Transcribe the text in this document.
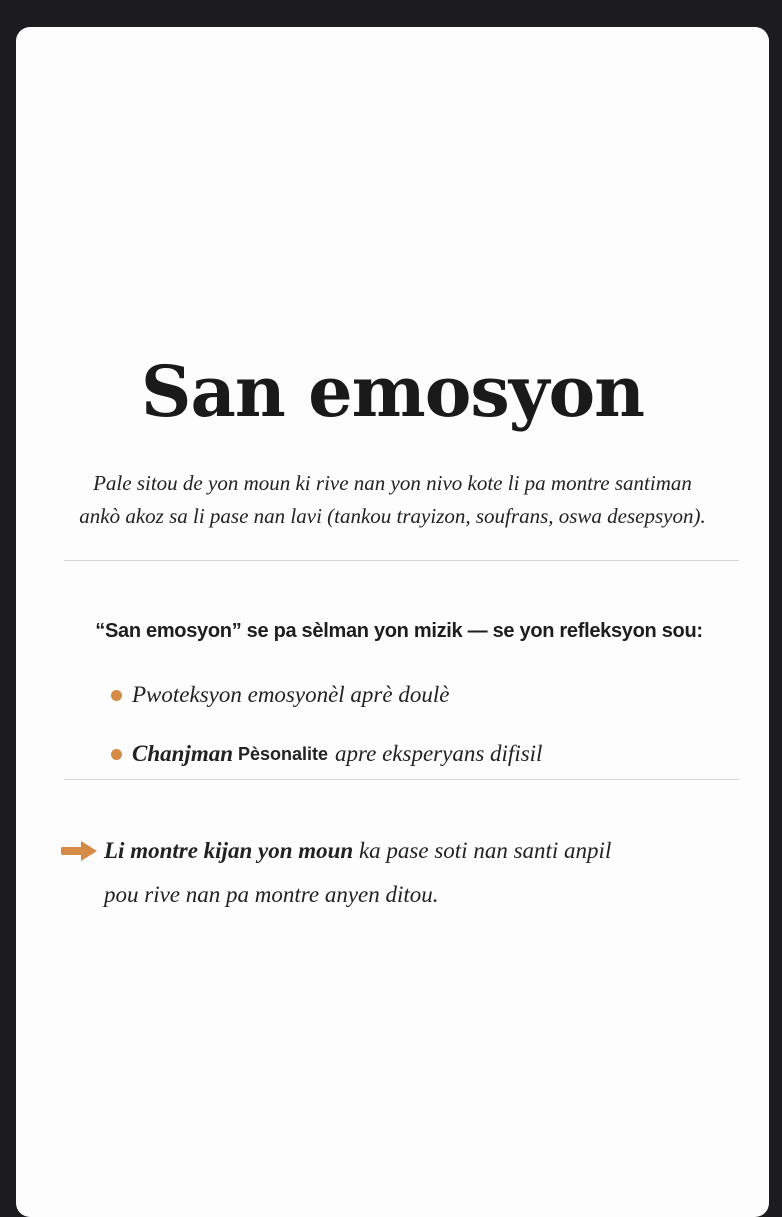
San emosyon
Pale sitou de yon moun ki rive nan yon nivo kote li pa montre santiman
ankò akoz sa li pase nan lavi (tankou trayizon, soufrans, oswa desepsyon).
“San emosyon” se pa sèlman yon mizik — se yon refleksyon sou:
Pwoteksyon emosyonèl aprè doulè
Chanjman Pèsonalite apre eksperyans difisil
Li montre kijan yon moun ka pase soti nan santi anpil
pou rive nan pa montre anyen ditou.
